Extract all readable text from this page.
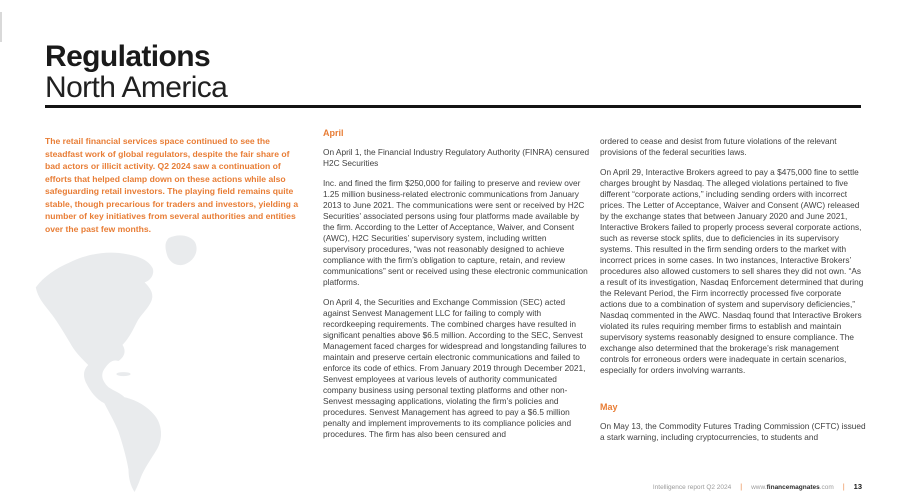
Regulations
North America
The retail financial services space continued to see the steadfast work of global regulators, despite the fair share of bad actors or illicit activity. Q2 2024 saw a continuation of efforts that helped clamp down on these actions while also safeguarding retail investors. The playing field remains quite stable, though precarious for traders and investors, yielding a number of key initiatives from several authorities and entities over the past few months.
April

On April 1, the Financial Industry Regulatory Authority (FINRA) censured H2C Securities

Inc. and fined the firm $250,000 for failing to preserve and review over 1.25 million business-related electronic communications from January 2013 to June 2021. The communications were sent or received by H2C Securities’ associated persons using four platforms made available by the firm. According to the Letter of Acceptance, Waiver, and Consent (AWC), H2C Securities’ supervisory system, including written supervisory procedures, “was not reasonably designed to achieve compliance with the firm’s obligation to capture, retain, and review communications” sent or received using these electronic communication platforms.

On April 4, the Securities and Exchange Commission (SEC) acted against Senvest Management LLC for failing to comply with recordkeeping requirements. The combined charges have resulted in significant penalties above $6.5 million. According to the SEC, Senvest Management faced charges for widespread and longstanding failures to maintain and preserve certain electronic communications and failed to enforce its code of ethics. From January 2019 through December 2021, Senvest employees at various levels of authority communicated company business using personal texting platforms and other non-Senvest messaging applications, violating the firm’s policies and procedures. Senvest Management has agreed to pay a $6.5 million penalty and implement improvements to its compliance policies and procedures. The firm has also been censured and

ordered to cease and desist from future violations of the relevant provisions of the federal securities laws.

On April 29, Interactive Brokers agreed to pay a $475,000 fine to settle charges brought by Nasdaq. The alleged violations pertained to five different “corporate actions,” including sending orders with incorrect prices. The Letter of Acceptance, Waiver and Consent (AWC) released by the exchange states that between January 2020 and June 2021, Interactive Brokers failed to properly process several corporate actions, such as reverse stock splits, due to deficiencies in its supervisory systems. This resulted in the firm sending orders to the market with incorrect prices in some cases. In two instances, Interactive Brokers’ procedures also allowed customers to sell shares they did not own. “As a result of its investigation, Nasdaq Enforcement determined that during the Relevant Period, the Firm incorrectly processed five corporate actions due to a combination of system and supervisory deficiencies,” Nasdaq commented in the AWC. Nasdaq found that Interactive Brokers violated its rules requiring member firms to establish and maintain supervisory systems reasonably designed to ensure compliance. The exchange also determined that the brokerage’s risk management controls for erroneous orders were inadequate in certain scenarios, especially for orders involving warrants.

May

On May 13, the Commodity Futures Trading Commission (CFTC) issued a stark warning, including cryptocurrencies, to students and

Intelligence report Q2 2024 | www.financemagnates.com | 13
